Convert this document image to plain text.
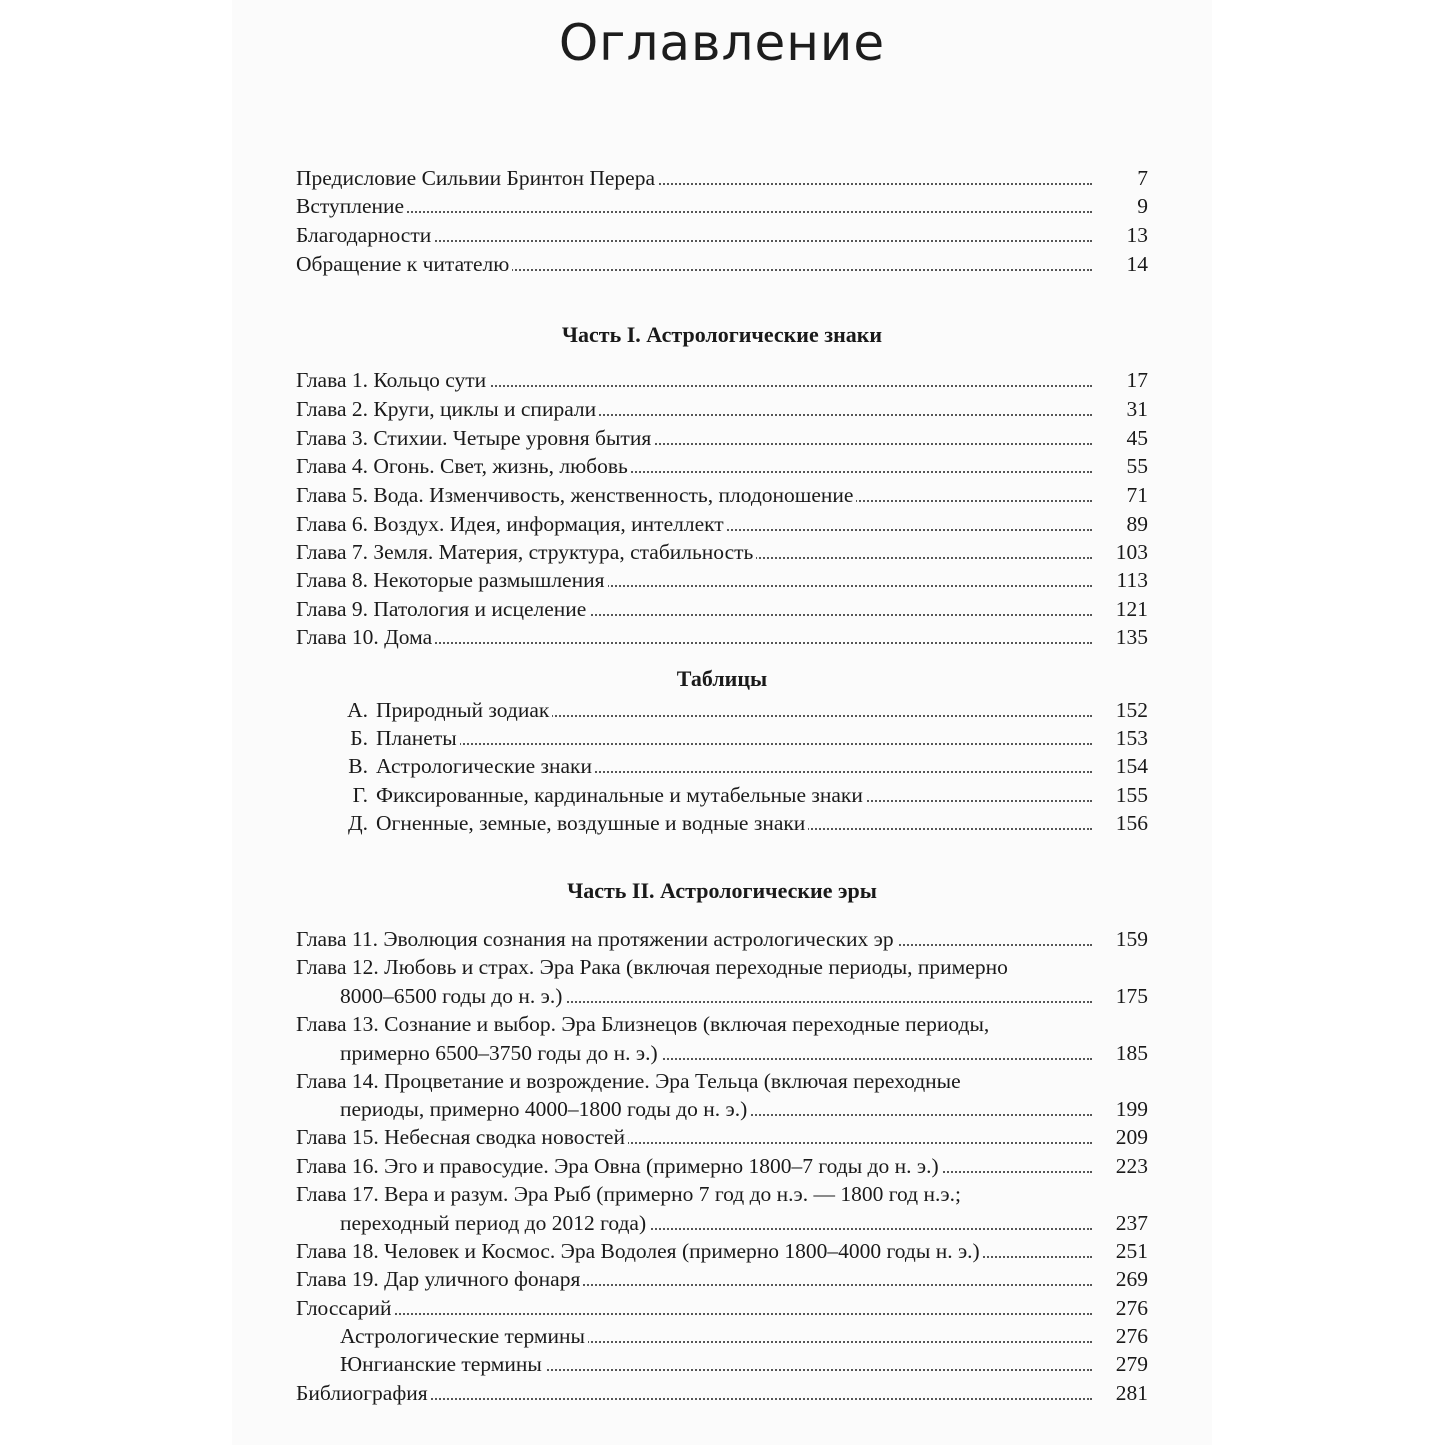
Оглавление
Предисловие Сильвии Бринтон Перера	7
Вступление	9
Благодарности	13
Обращение к читателю	14
Часть I. Астрологические знаки
Глава 1. Кольцо сути	17
Глава 2. Круги, циклы и спирали	31
Глава 3. Стихии. Четыре уровня бытия	45
Глава 4. Огонь. Свет, жизнь, любовь	55
Глава 5. Вода. Изменчивость, женственность, плодоношение	71
Глава 6. Воздух. Идея, информация, интеллект	89
Глава 7. Земля. Материя, структура, стабильность	103
Глава 8. Некоторые размышления	113
Глава 9. Патология и исцеление	121
Глава 10. Дома	135
Таблицы
А. Природный зодиак	152
Б. Планеты	153
В. Астрологические знаки	154
Г. Фиксированные, кардинальные и мутабельные знаки	155
Д. Огненные, земные, воздушные и водные знаки	156
Часть II. Астрологические эры
Глава 11. Эволюция сознания на протяжении астрологических эр	159
Глава 12. Любовь и страх. Эра Рака (включая переходные периоды, примерно
8000–6500 годы до н. э.)	175
Глава 13. Сознание и выбор. Эра Близнецов (включая переходные периоды,
примерно 6500–3750 годы до н. э.)	185
Глава 14. Процветание и возрождение. Эра Тельца (включая переходные
периоды, примерно 4000–1800 годы до н. э.)	199
Глава 15. Небесная сводка новостей	209
Глава 16. Эго и правосудие. Эра Овна (примерно 1800–7 годы до н. э.)	223
Глава 17. Вера и разум. Эра Рыб (примерно 7 год до н.э. — 1800 год н.э.;
переходный период до 2012 года)	237
Глава 18. Человек и Космос. Эра Водолея (примерно 1800–4000 годы н. э.)	251
Глава 19. Дар уличного фонаря	269
Глоссарий	276
Астрологические термины	276
Юнгианские термины	279
Библиография	281
